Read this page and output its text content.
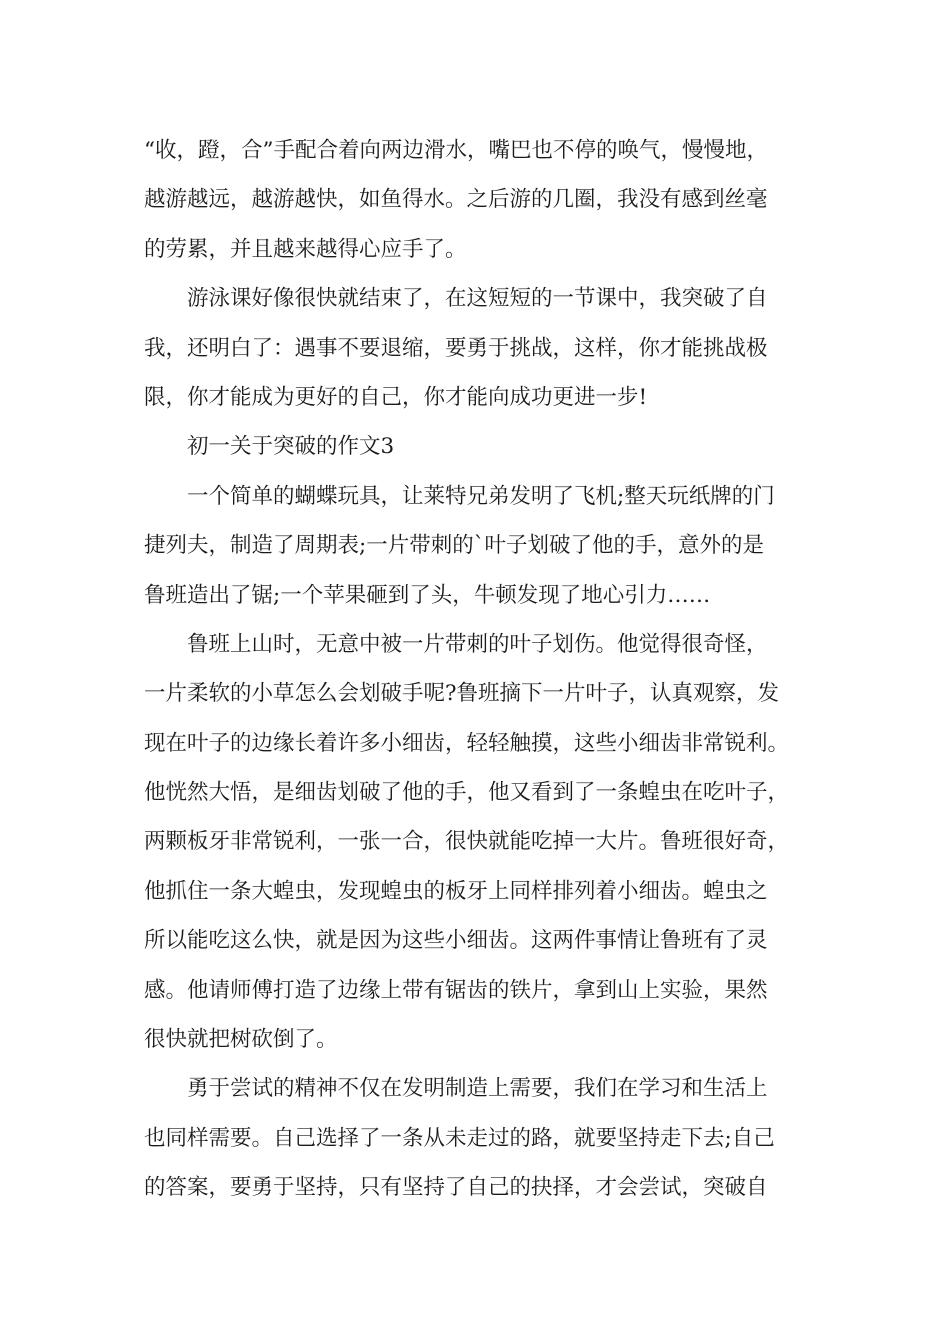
“收，蹬，合”手配合着向两边滑水，嘴巴也不停的唤气，慢慢地，
越游越远，越游越快，如鱼得水。之后游的几圈，我没有感到丝毫
的劳累，并且越来越得心应手了。
游泳课好像很快就结束了，在这短短的一节课中，我突破了自
我，还明白了：遇事不要退缩，要勇于挑战，这样，你才能挑战极
限，你才能成为更好的自己，你才能向成功更进一步!
初一关于突破的作文3
一个简单的蝴蝶玩具，让莱特兄弟发明了飞机;整天玩纸牌的门
捷列夫，制造了周期表;一片带刺的`叶子划破了他的手，意外的是
鲁班造出了锯;一个苹果砸到了头，牛顿发现了地心引力……
鲁班上山时，无意中被一片带刺的叶子划伤。他觉得很奇怪，
一片柔软的小草怎么会划破手呢?鲁班摘下一片叶子，认真观察，发
现在叶子的边缘长着许多小细齿，轻轻触摸，这些小细齿非常锐利。
他恍然大悟，是细齿划破了他的手，他又看到了一条蝗虫在吃叶子，
两颗板牙非常锐利，一张一合，很快就能吃掉一大片。鲁班很好奇，
他抓住一条大蝗虫，发现蝗虫的板牙上同样排列着小细齿。蝗虫之
所以能吃这么快，就是因为这些小细齿。这两件事情让鲁班有了灵
感。他请师傅打造了边缘上带有锯齿的铁片，拿到山上实验，果然
很快就把树砍倒了。
勇于尝试的精神不仅在发明制造上需要，我们在学习和生活上
也同样需要。自己选择了一条从未走过的路，就要坚持走下去;自己
的答案，要勇于坚持，只有坚持了自己的抉择，才会尝试，突破自
